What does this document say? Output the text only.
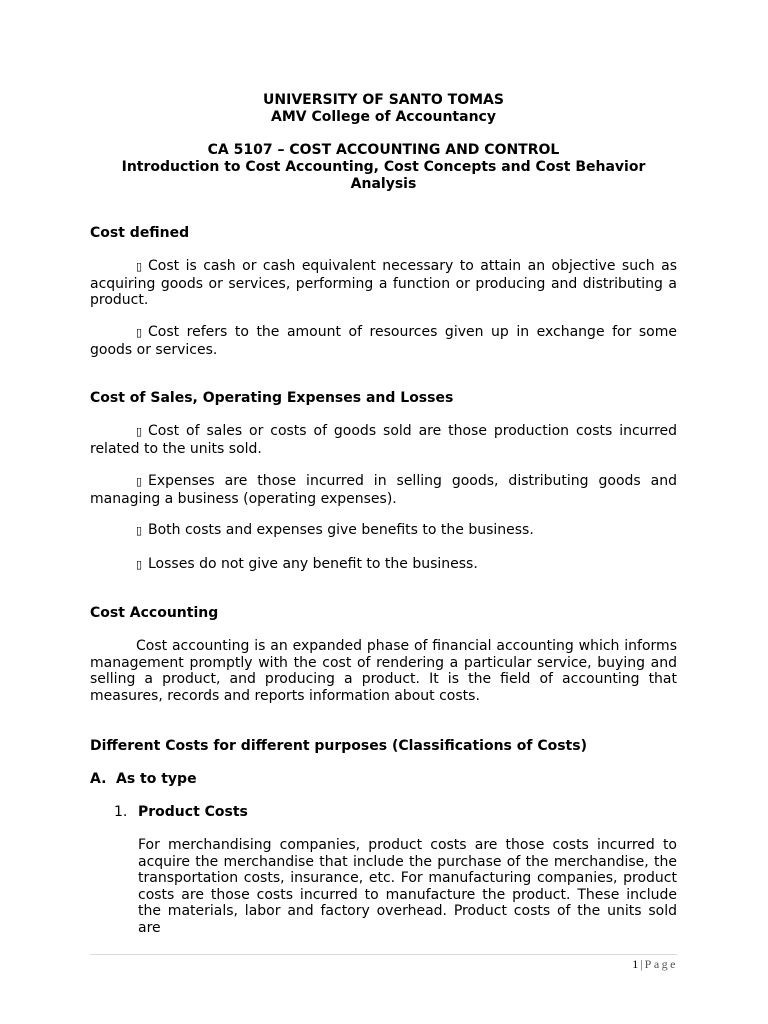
UNIVERSITY OF SANTO TOMAS

AMV College of Accountancy

CA 5107 – COST ACCOUNTING AND CONTROL

Introduction to Cost Accounting, Cost Concepts and Cost Behavior Analysis

Cost defined

▯ Cost is cash or cash equivalent necessary to attain an objective such as acquiring goods or services, performing a function or producing and distributing a product.

▯ Cost refers to the amount of resources given up in exchange for some goods or services.

Cost of Sales, Operating Expenses and Losses

▯ Cost of sales or costs of goods sold are those production costs incurred related to the units sold.

▯ Expenses are those incurred in selling goods, distributing goods and managing a business (operating expenses).

▯ Both costs and expenses give benefits to the business.

▯ Losses do not give any benefit to the business.

Cost Accounting

Cost accounting is an expanded phase of financial accounting which informs management promptly with the cost of rendering a particular service, buying and selling a product, and producing a product. It is the field of accounting that measures, records and reports information about costs.

Different Costs for different purposes (Classifications of Costs)

A. As to type

1. Product Costs

For merchandising companies, product costs are those costs incurred to acquire the merchandise that include the purchase of the merchandise, the transportation costs, insurance, etc. For manufacturing companies, product costs are those costs incurred to manufacture the product. These include the materials, labor and factory overhead. Product costs of the units sold are

1 | Page
